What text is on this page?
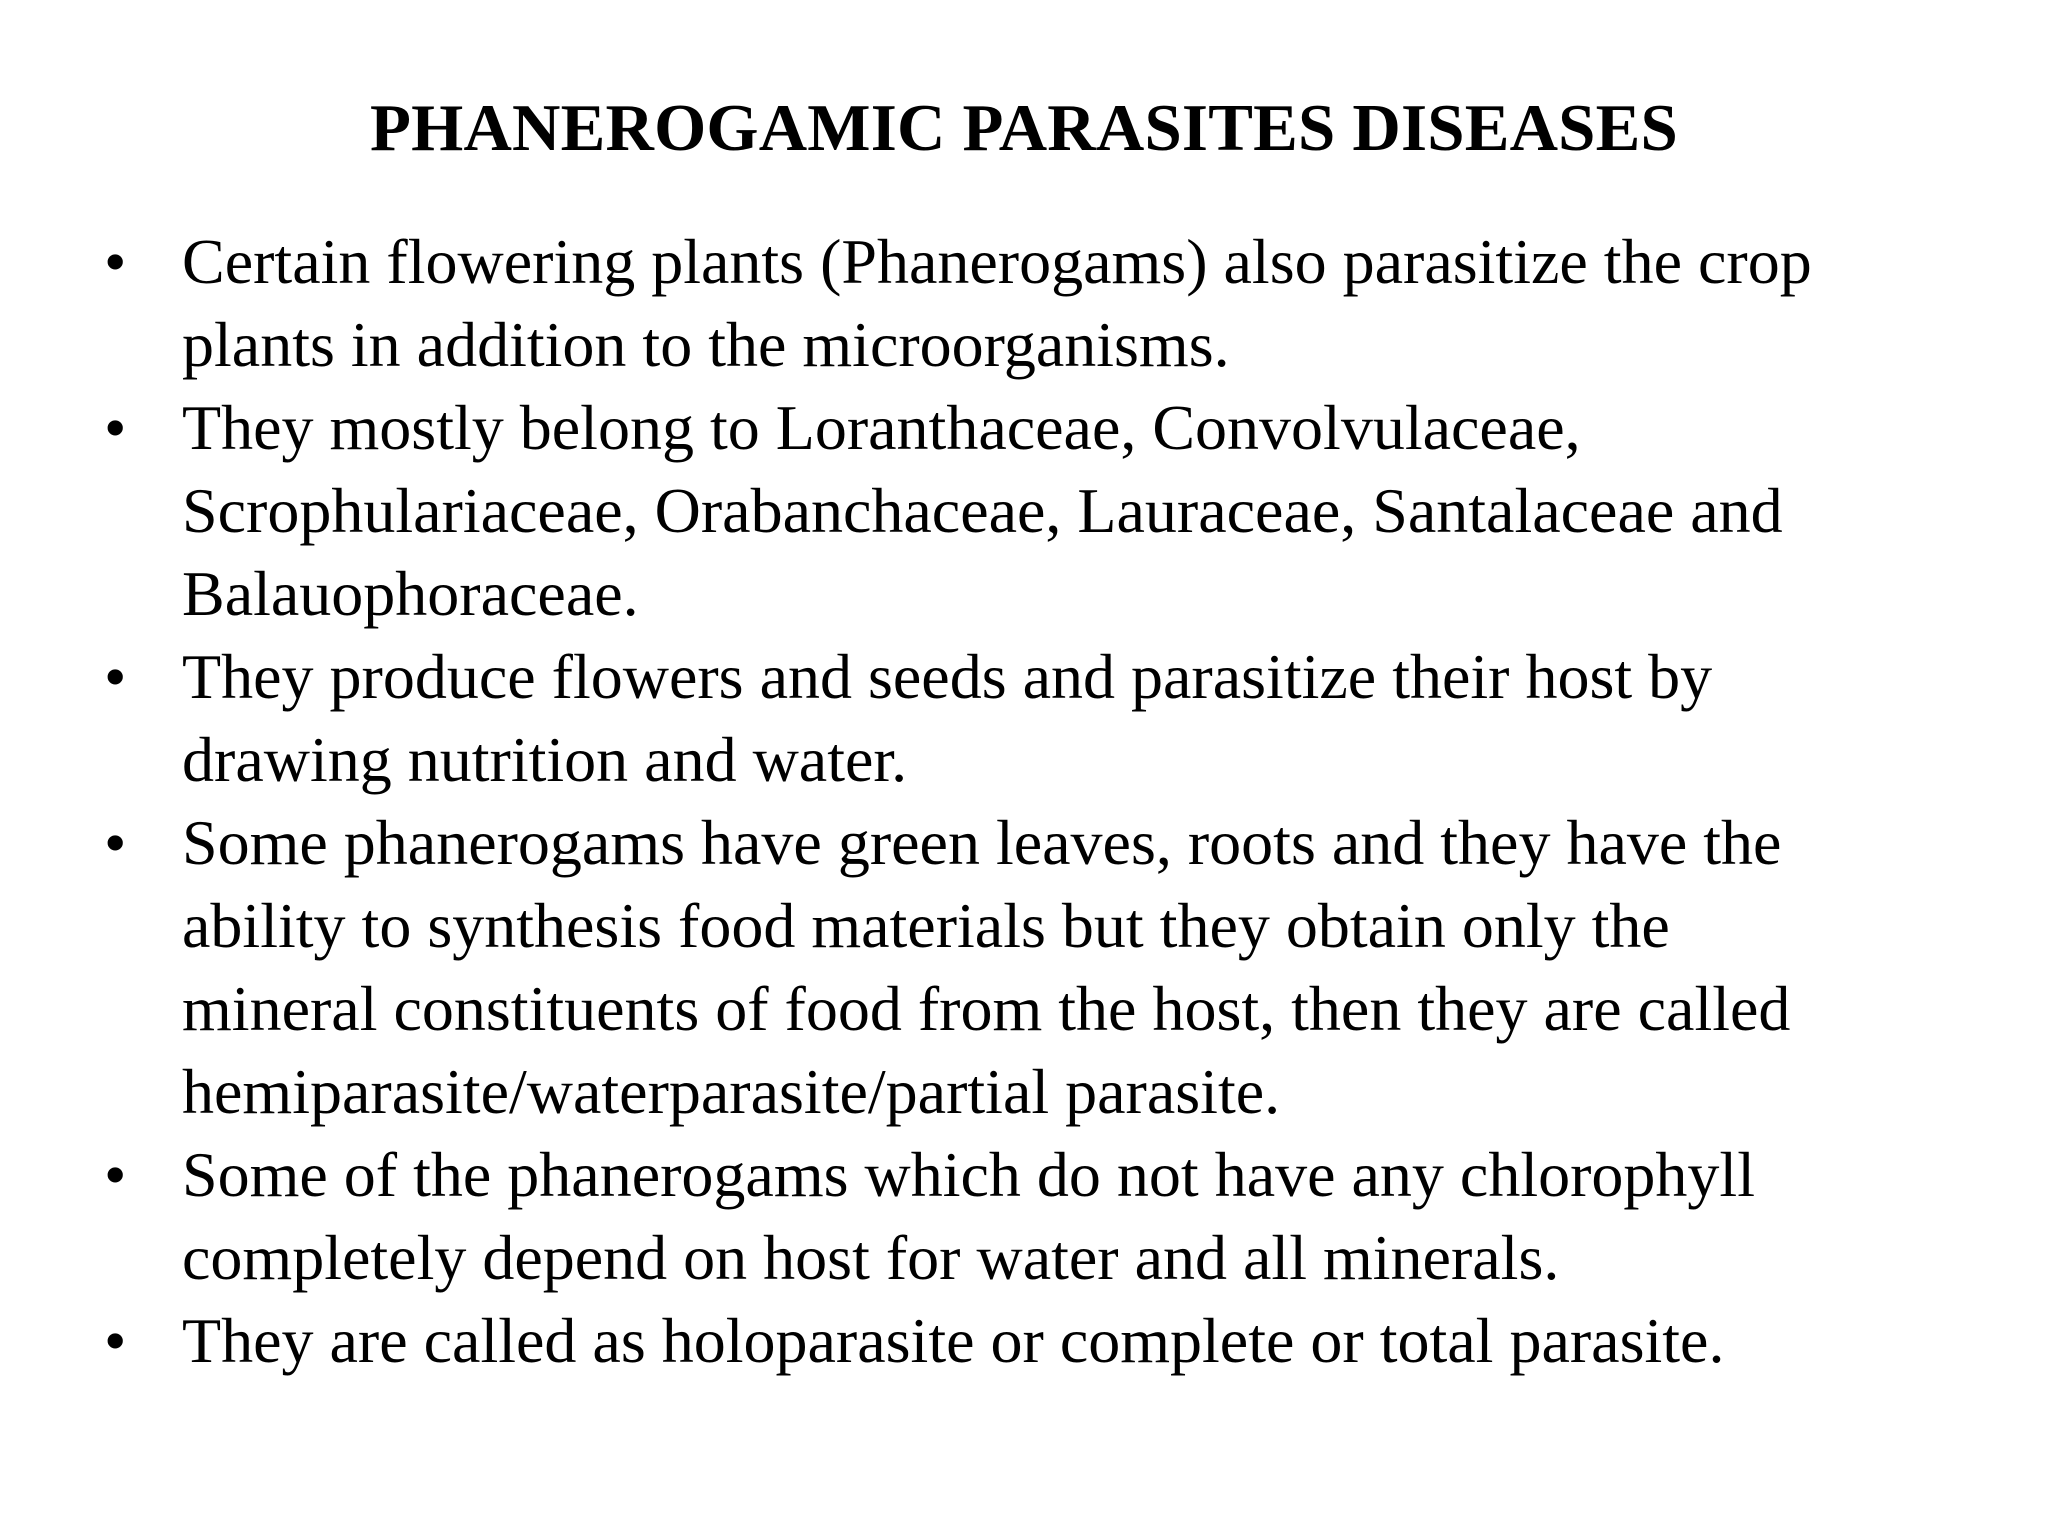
PHANEROGAMIC PARASITES DISEASES
• Certain flowering plants (Phanerogams) also parasitize the crop
plants in addition to the microorganisms.
• They mostly belong to Loranthaceae, Convolvulaceae,
Scrophulariaceae, Orabanchaceae, Lauraceae, Santalaceae and
Balauophoraceae.
• They produce flowers and seeds and parasitize their host by
drawing nutrition and water.
• Some phanerogams have green leaves, roots and they have the
ability to synthesis food materials but they obtain only the
mineral constituents of food from the host, then they are called
hemiparasite/waterparasite/partial parasite.
• Some of the phanerogams which do not have any chlorophyll
completely depend on host for water and all minerals.
• They are called as holoparasite or complete or total parasite.
